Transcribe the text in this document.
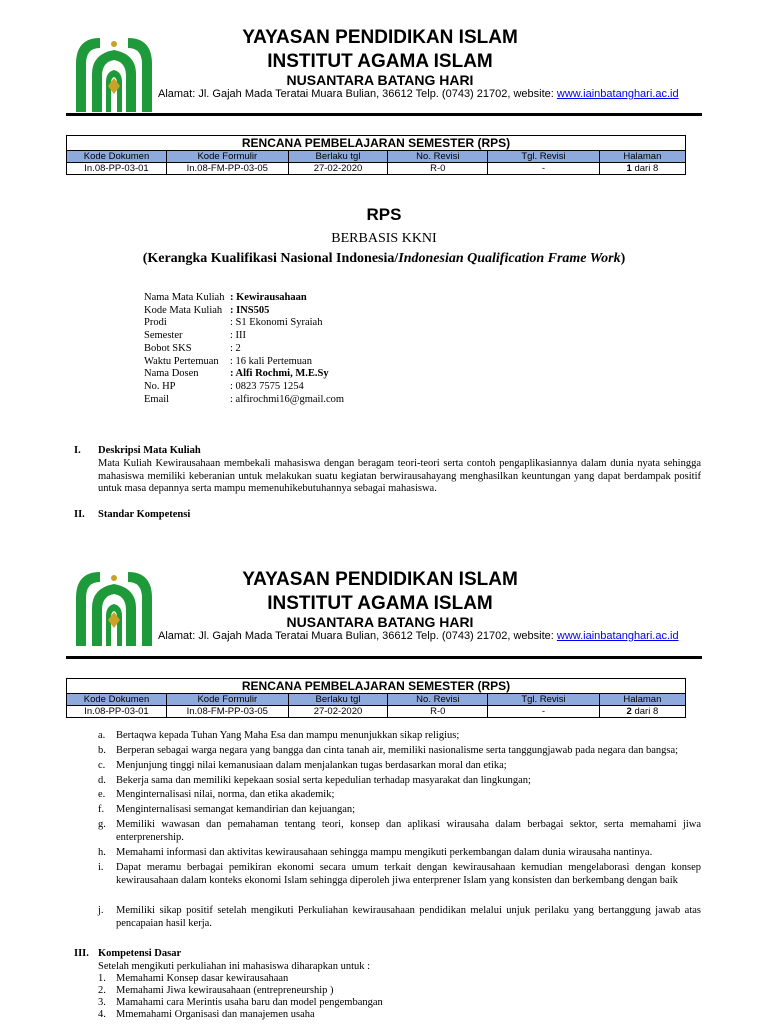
YAYASAN PENDIDIKAN ISLAM
INSTITUT AGAMA ISLAM
NUSANTARA BATANG HARI
Alamat: Jl. Gajah Mada Teratai Muara Bulian, 36612 Telp. (0743) 21702, website: www.iainbatanghari.ac.id
RENCANA PEMBELAJARAN SEMESTER (RPS)					
Kode Dokumen	Kode Formulir	Berlaku tgl	No. Revisi	Tgl. Revisi	Halaman
In.08-PP-03-01	In.08-FM-PP-03-05	27-02-2020	R-0	-	1 dari 8
RPS
BERBASIS KKNI
(Kerangka Kualifikasi Nasional Indonesia/Indonesian Qualification Frame Work)
Nama Mata Kuliah : Kewirausahaan
Kode Mata Kuliah : INS505
Prodi	: S1 Ekonomi Syraiah
Semester	: III
Bobot SKS	: 2
Waktu Pertemuan	: 16 kali Pertemuan
Nama Dosen	: Alfi Rochmi, M.E.Sy
No. HP	: 0823 7575 1254
Email	: alfirochmi16@gmail.com
I. Deskripsi Mata Kuliah
Mata Kuliah Kewirausahaan membekali mahasiswa dengan beragam teori-teori serta contoh pengaplikasiannya dalam dunia nyata sehingga mahasiswa memiliki keberanian untuk melakukan suatu kegiatan berwirausahayang menghasilkan keuntungan yang dapat berdampak positif untuk masa depannya serta mampu memenuhikebutuhannya sebagai mahasiswa.
II. Standar Kompetensi
YAYASAN PENDIDIKAN ISLAM
INSTITUT AGAMA ISLAM
NUSANTARA BATANG HARI
Alamat: Jl. Gajah Mada Teratai Muara Bulian, 36612 Telp. (0743) 21702, website: www.iainbatanghari.ac.id
RENCANA PEMBELAJARAN SEMESTER (RPS)					
Kode Dokumen	Kode Formulir	Berlaku tgl	No. Revisi	Tgl. Revisi	Halaman
In.08-PP-03-01	In.08-FM-PP-03-05	27-02-2020	R-0	-	2 dari 8
a. Bertaqwa kepada Tuhan Yang Maha Esa dan mampu menunjukkan sikap religius;
b. Berperan sebagai warga negara yang bangga dan cinta tanah air, memiliki nasionalisme serta tanggungjawab pada negara dan bangsa;
c. Menjunjung tinggi nilai kemanusiaan dalam menjalankan tugas berdasarkan moral dan etika;
d. Bekerja sama dan memiliki kepekaan sosial serta kepedulian terhadap masyarakat dan lingkungan;
e. Menginternalisasi nilai, norma, dan etika akademik;
f. Menginternalisasi semangat kemandirian dan kejuangan;
g. Memiliki wawasan dan pemahaman tentang teori, konsep dan aplikasi wirausaha dalam berbagai sektor, serta memahami jiwa enterprenership.
h. Memahami informasi dan aktivitas kewirausahaan sehingga mampu mengikuti perkembangan dalam dunia wirausaha nantinya.
i. Dapat meramu berbagai pemikiran ekonomi secara umum terkait dengan kewirausahaan kemudian mengelaborasi dengan konsep kewirausahaan dalam konteks ekonomi Islam sehingga diperoleh jiwa enterprener Islam yang konsisten dan berkembang dengan baik
j. Memiliki sikap positif setelah mengikuti Perkuliahan kewirausahaan pendidikan melalui unjuk perilaku yang bertanggung jawab atas pencapaian hasil kerja.
III. Kompetensi Dasar
Setelah mengikuti perkuliahan ini mahasiswa diharapkan untuk :
1. Memahami Konsep dasar kewirausahaan
2. Memahami Jiwa kewirausahaan (entrepreneurship )
3. Mamahami cara Merintis usaha baru dan model pengembangan
4. Mmemahami Organisasi dan manajemen usaha
